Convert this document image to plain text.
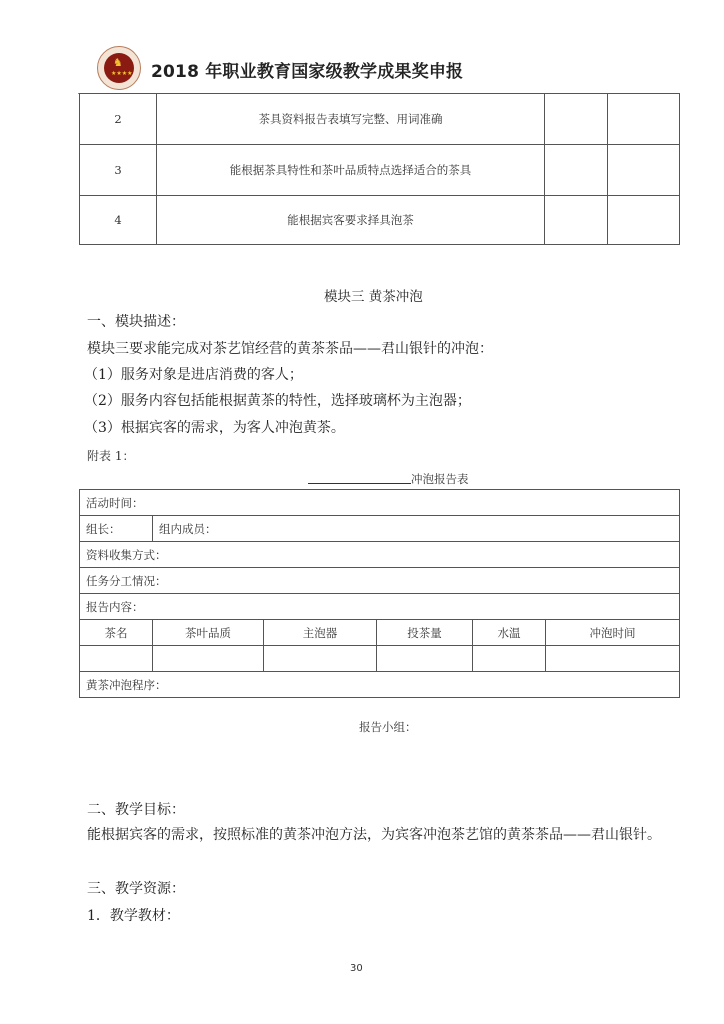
♞
★★★★ 2018 年职业教育国家级教学成果奖申报
2	茶具资料报告表填写完整、用词准确		
3	能根据茶具特性和茶叶品质特点选择适合的茶具		
4	能根据宾客要求择具泡茶		
模块三 黄茶冲泡
一、模块描述：
模块三要求能完成对茶艺馆经营的黄茶茶品——君山银针的冲泡：
（1）服务对象是进店消费的客人；
（2）服务内容包括能根据黄茶的特性，选择玻璃杯为主泡器；
（3）根据宾客的需求，为客人冲泡黄茶。
附表 1：
冲泡报告表
活动时间：					
组长：	组内成员：				
资料收集方式：					
任务分工情况：					
报告内容：					
茶名	茶叶品质	主泡器	投茶量	水温	冲泡时间

黄茶冲泡程序：					
报告小组：
二、教学目标：
能根据宾客的需求，按照标准的黄茶冲泡方法，为宾客冲泡茶艺馆的黄茶茶品——君山银针。
三、教学资源：
1．教学教材：
30
